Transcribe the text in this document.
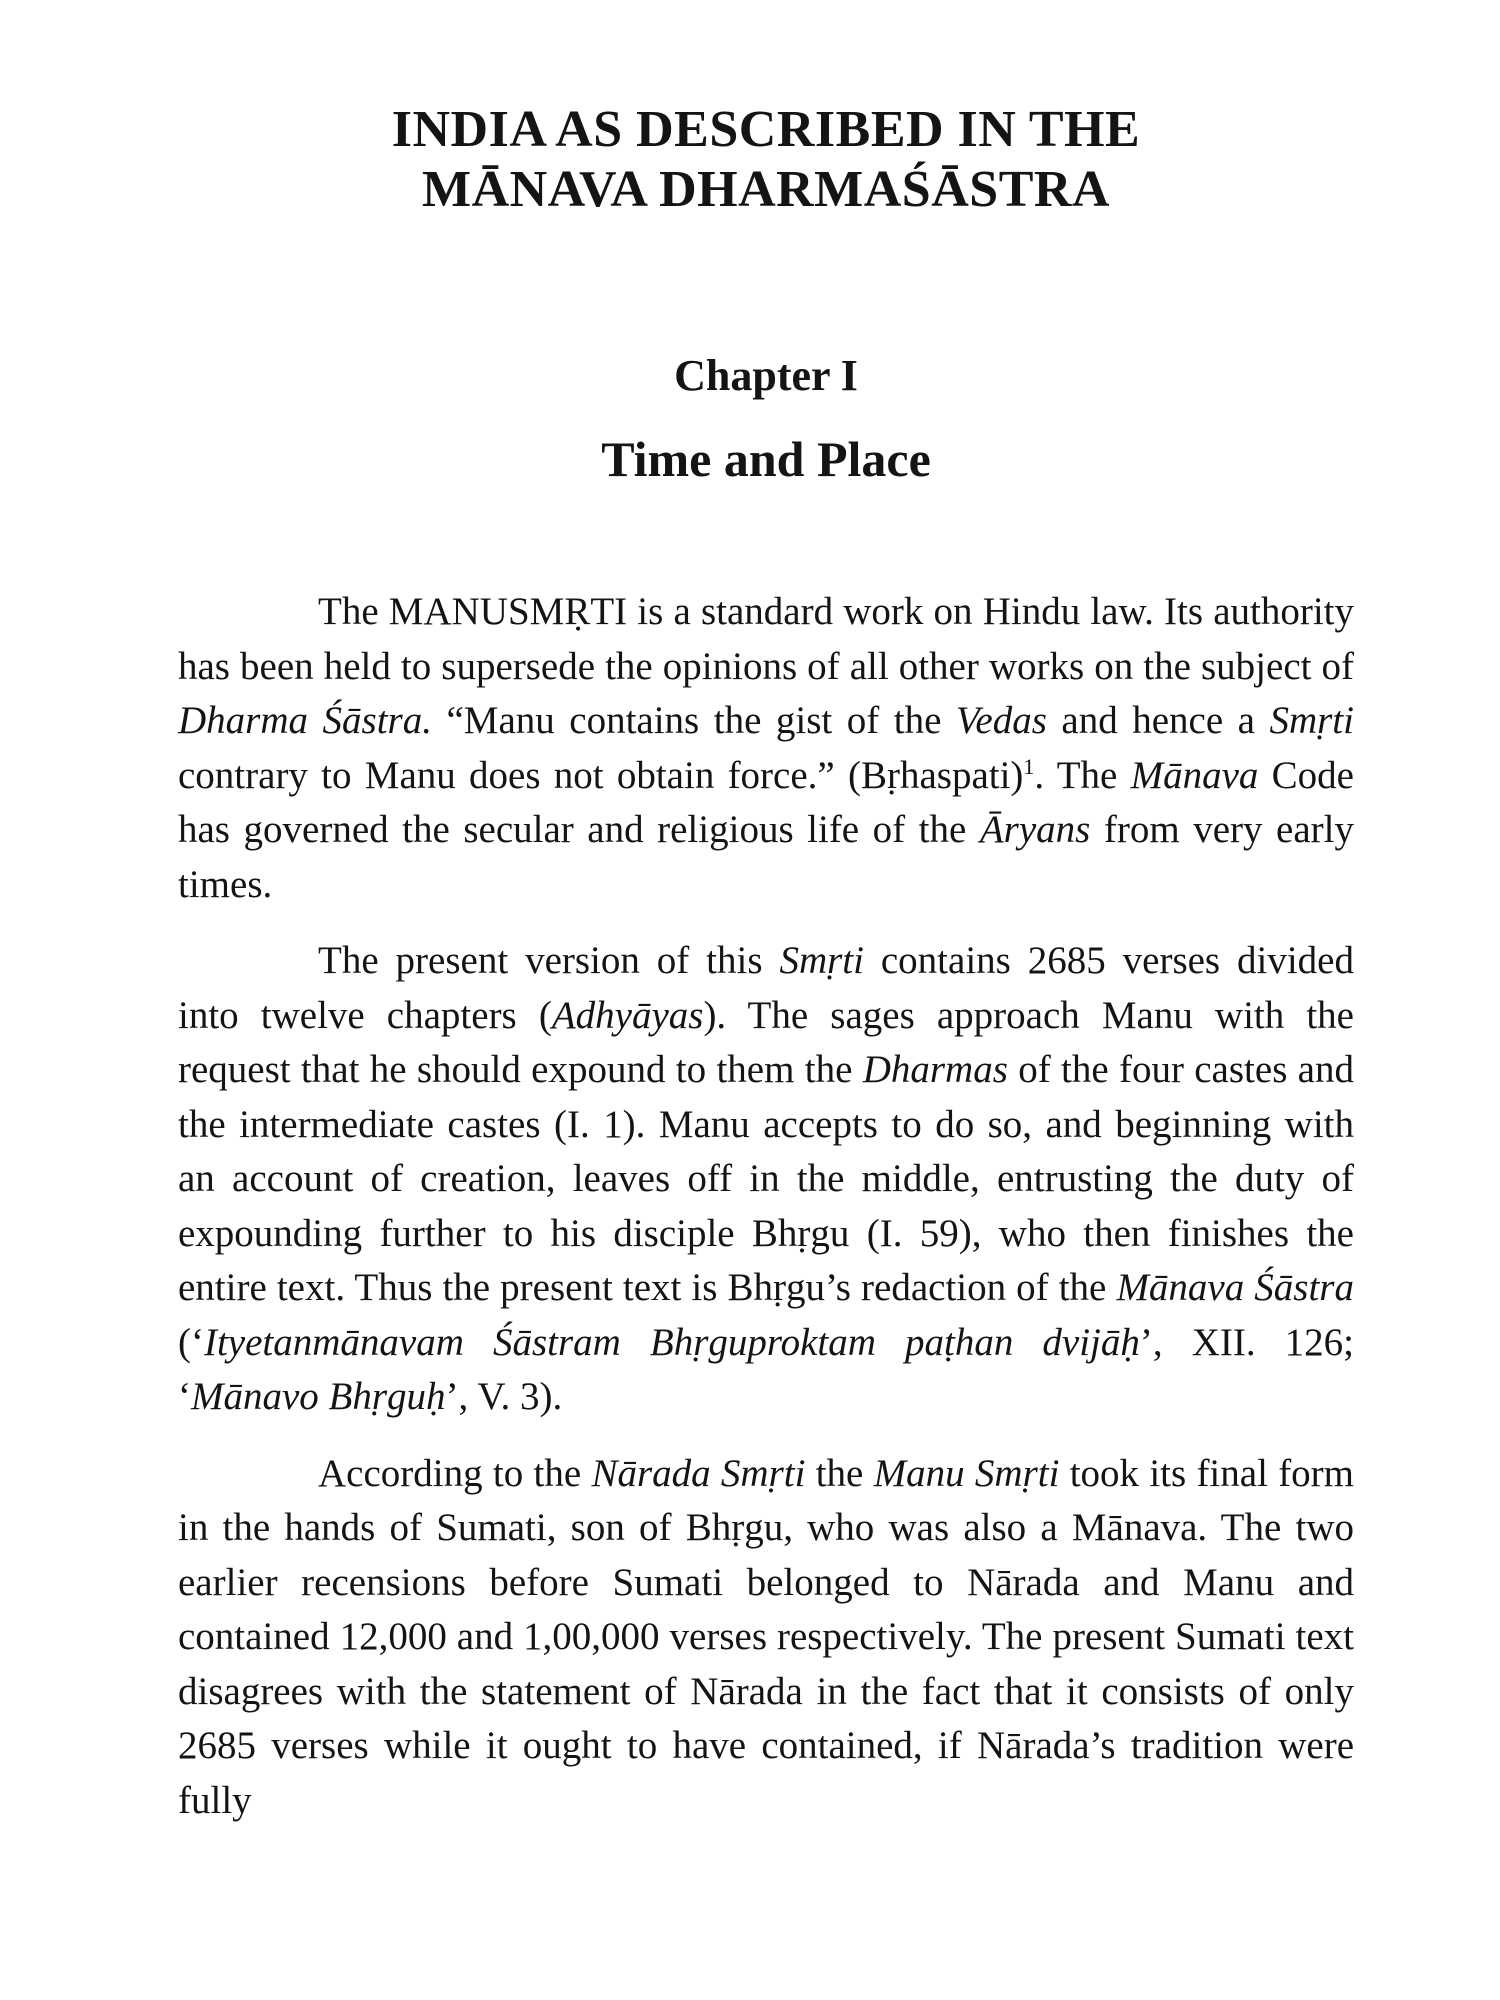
INDIA AS DESCRIBED IN THE
MĀNAVA DHARMAŚĀSTRA
Chapter I
Time and Place

The MANUSMṚTI is a standard work on Hindu law. Its authority has been held to supersede the opinions of all other works on the subject of Dharma Śāstra. “Manu contains the gist of the Vedas and hence a Smṛti contrary to Manu does not obtain force.” (Bṛhaspati)$^1$. The Mānava Code has governed the secular and religious life of the Āryans from very early times.

The present version of this Smṛti contains 2685 verses divided into twelve chapters (Adhyāyas). The sages approach Manu with the request that he should expound to them the Dharmas of the four castes and the intermediate castes (I. 1). Manu accepts to do so, and beginning with an account of creation, leaves off in the middle, entrusting the duty of expounding further to his disciple Bhṛgu (I. 59), who then finishes the entire text. Thus the present text is Bhṛgu’s redaction of the Mānava Śāstra (‘Ityetanmānavam Śāstram Bhṛguproktam paṭhan dvijāḥ’, XII. 126; ‘Mānavo Bhṛguḥ’, V. 3).

According to the Nārada Smṛti the Manu Smṛti took its final form in the hands of Sumati, son of Bhṛgu, who was also a Mānava. The two earlier recensions before Sumati belonged to Nārada and Manu and contained 12,000 and 1,00,000 verses respectively. The present Sumati text disagrees with the statement of Nārada in the fact that it consists of only 2685 verses while it ought to have contained, if Nārada’s tradition were fully
